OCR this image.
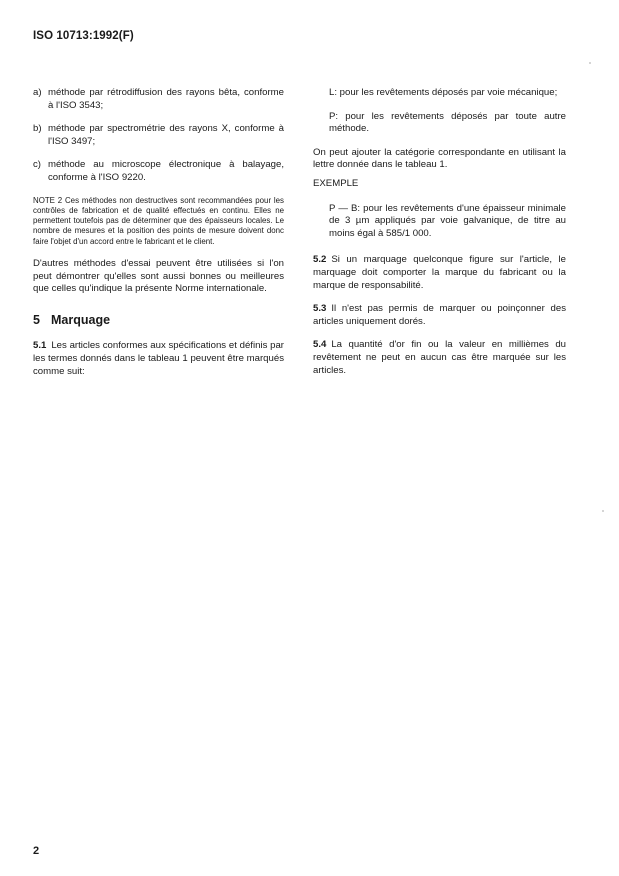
ISO 10713:1992(F)
a) méthode par rétrodiffusion des rayons bêta, conforme à l'ISO 3543;
b) méthode par spectrométrie des rayons X, conforme à l'ISO 3497;
c) méthode au microscope électronique à balayage, conforme à l'ISO 9220.
NOTE 2 Ces méthodes non destructives sont recommandées pour les contrôles de fabrication et de qualité effectués en continu. Elles ne permettent toutefois pas de déterminer que des épaisseurs locales. Le nombre de mesures et la position des points de mesure doivent donc faire l'objet d'un accord entre le fabricant et le client.
D'autres méthodes d'essai peuvent être utilisées si l'on peut démontrer qu'elles sont aussi bonnes ou meilleures que celles qu'indique la présente Norme internationale.
5 Marquage
5.1 Les articles conformes aux spécifications et définis par les termes donnés dans le tableau 1 peuvent être marqués comme suit:
L: pour les revêtements déposés par voie mécanique;
P: pour les revêtements déposés par toute autre méthode.
On peut ajouter la catégorie correspondante en utilisant la lettre donnée dans le tableau 1.
EXEMPLE
P — B: pour les revêtements d'une épaisseur minimale de 3 µm appliqués par voie galvanique, de titre au moins égal à 585/1 000.
5.2 Si un marquage quelconque figure sur l'article, le marquage doit comporter la marque du fabricant ou la marque de responsabilité.
5.3 Il n'est pas permis de marquer ou poinçonner des articles uniquement dorés.
5.4 La quantité d'or fin ou la valeur en millièmes du revêtement ne peut en aucun cas être marquée sur les articles.
2
